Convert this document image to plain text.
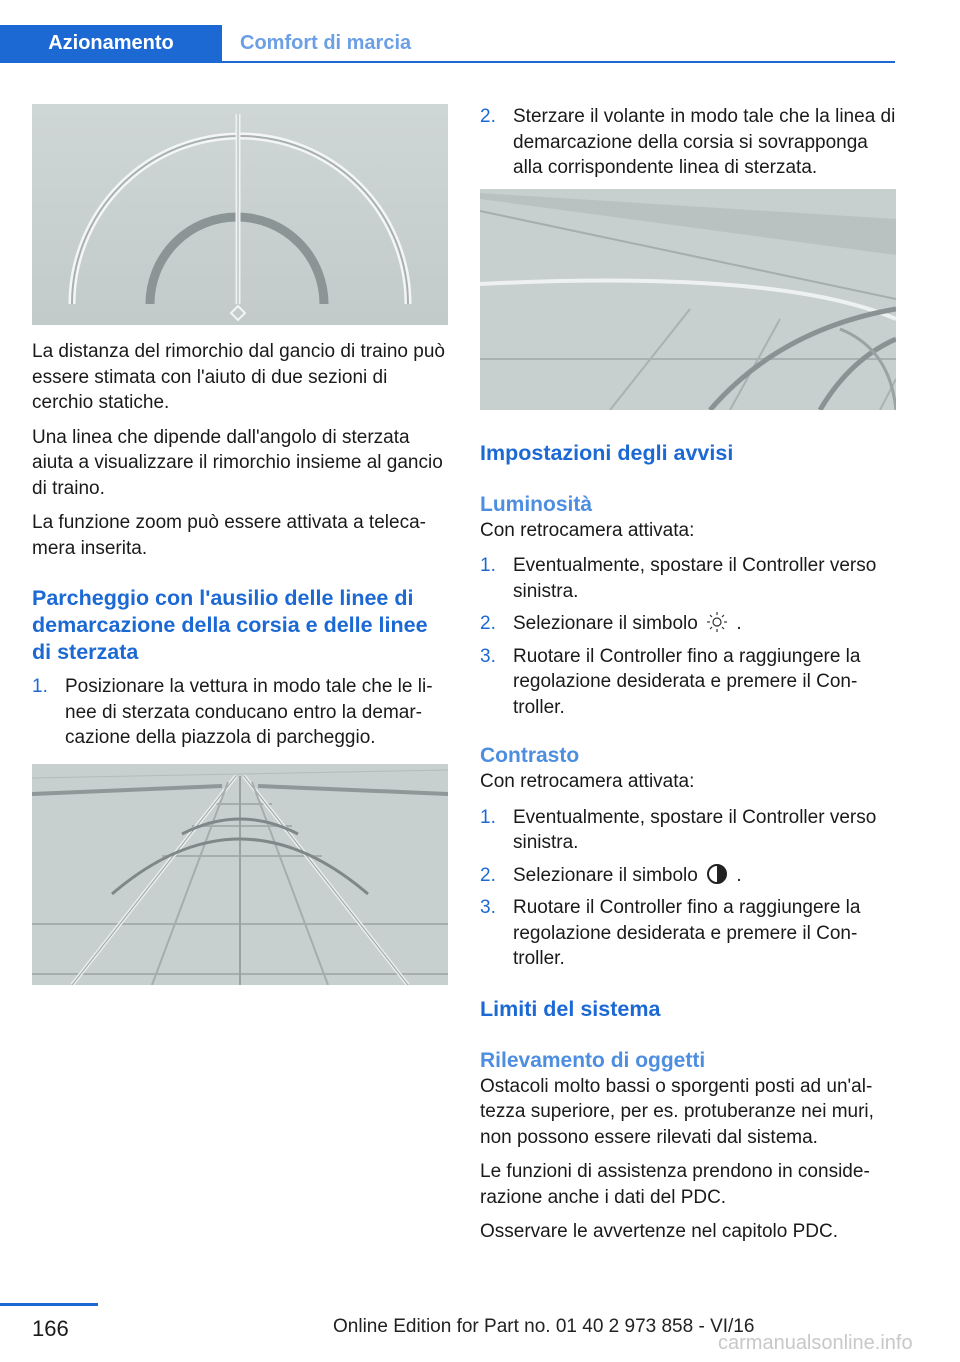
Azionamento	Comfort di marcia

La distanza del rimorchio dal gancio di traino può essere stimata con l'aiuto di due sezioni di cerchio statiche.

Una linea che dipende dall'angolo di sterzata aiuta a visualizzare il rimorchio insieme al gancio di traino.

La funzione zoom può essere attivata a telecamera inserita.

Parcheggio con l'ausilio delle linee di demarcazione della corsia e delle linee di sterzata
1. Posizionare la vettura in modo tale che le linee di sterzata conducano entro la demarcazione della piazzola di parcheggio.
2. Sterzare il volante in modo tale che la linea di demarcazione della corsia si sovrapponga alla corrispondente linea di sterzata.
Impostazioni degli avvisi
Luminosità

Con retrocamera attivata:

1. Eventualmente, spostare il Controller verso sinistra.
2. Selezionare il simbolo .
3. Ruotare il Controller fino a raggiungere la regolazione desiderata e premere il Controller.
Contrasto

Con retrocamera attivata:

1. Eventualmente, spostare il Controller verso sinistra.
2. Selezionare il simbolo .
3. Ruotare il Controller fino a raggiungere la regolazione desiderata e premere il Controller.
Limiti del sistema
Rilevamento di oggetti

Ostacoli molto bassi o sporgenti posti ad un'altezza superiore, per es. protuberanze nei muri, non possono essere rilevati dal sistema.

Le funzioni di assistenza prendono in considerazione anche i dati del PDC.

Osservare le avvertenze nel capitolo PDC.

166	Online Edition for Part no. 01 40 2 973 858 - VI/16
carmanualsonline.info
